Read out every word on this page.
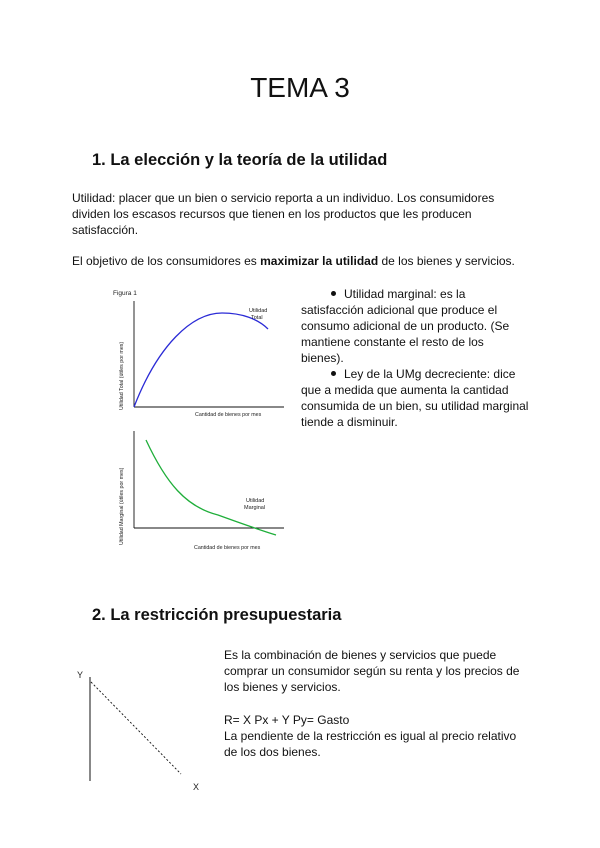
TEMA 3
1. La elección y la teoría de la utilidad
Utilidad: placer que un bien o servicio reporta a un individuo. Los consumidores dividen los escasos recursos que tienen en los productos que les producen satisfacción.
El objetivo de los consumidores es maximizar la utilidad de los bienes y servicios.
Figura 1
Utilidad
Total
Cantidad de bienes por mes
Utilidad Total (útiles por mes)
Utilidad
Marginal
Cantidad de bienes por mes
Utilidad Marginal (útiles por mes)
Utilidad marginal: es la satisfacción adicional que produce el consumo adicional de un producto. (Se mantiene constante el resto de los bienes).
Ley de la UMg decreciente: dice que a medida que aumenta la cantidad consumida de un bien, su utilidad marginal tiende a disminuir.
2. La restricción presupuestaria
Y
X
Es la combinación de bienes y servicios que puede comprar un consumidor según su renta y los precios de los bienes y servicios.
R= X Px + Y Py= Gasto
La pendiente de la restricción es igual al precio relativo de los dos bienes.
